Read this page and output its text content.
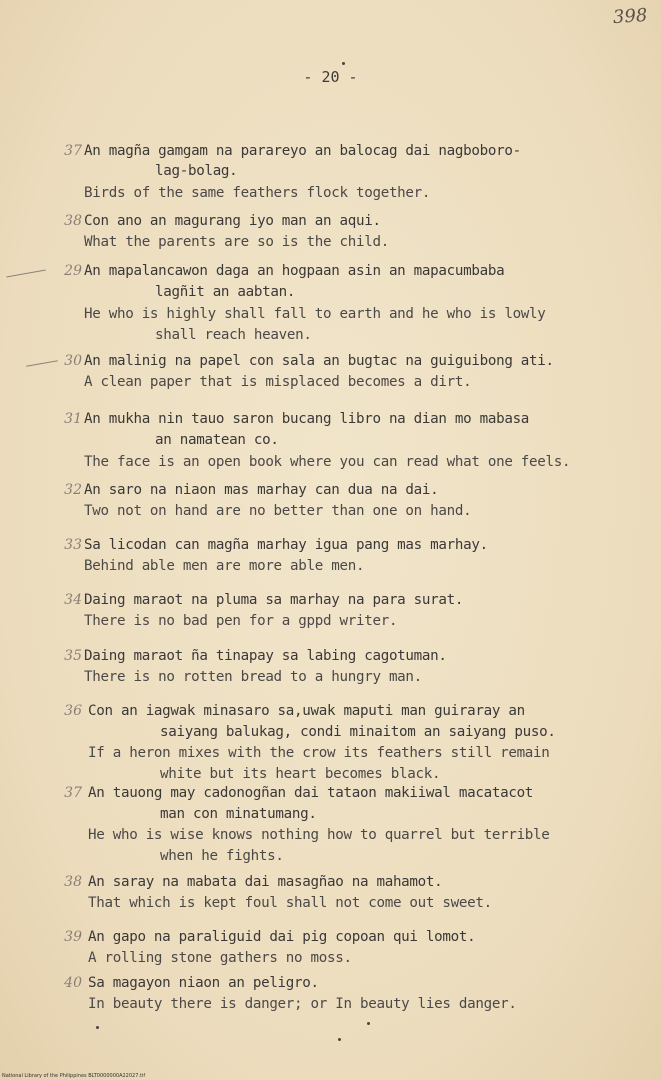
398
- 20 -
37 An magña gamgam na parareyo an balocag dai nagboboro-
lag-bolag.
Birds of the same feathers flock together.
38 Con ano an magurang iyo man an aqui.
What the parents are so is the child.
29 An mapalancawon daga an hogpaan asin an mapacumbaba
lagñit an aabtan.
He who is highly shall fall to earth and he who is lowly
shall reach heaven.
30 An malinig na papel con sala an bugtac na guiguibong ati.
A clean paper that is misplaced becomes a dirt.
31 An mukha nin tauo saron bucang libro na dian mo mabasa
an namatean co.
The face is an open book where you can read what one feels.
32 An saro na niaon mas marhay can dua na dai.
Two not on hand are no better than one on hand.
33 Sa licodan can magña marhay igua pang mas marhay.
Behind able men are more able men.
34 Daing maraot na pluma sa marhay na para surat.
There is no bad pen for a gppd writer.
35 Daing maraot ña tinapay sa labing cagotuman.
There is no rotten bread to a hungry man.
36 Con an iagwak minasaro sa,uwak maputi man guiraray an
saiyang balukag, condi minaitom an saiyang puso.
If a heron mixes with the crow its feathers still remain
white but its heart becomes black.
37 An tauong may cadonogñan dai tataon makiiwal macatacot
man con minatumang.
He who is wise knows nothing how to quarrel but terrible
when he fights.
38 An saray na mabata dai masagñao na mahamot.
That which is kept foul shall not come out sweet.
39 An gapo na paraliguid dai pig copoan qui lomot.
A rolling stone gathers no moss.
40 Sa magayon niaon an peligro.
In beauty there is danger; or In beauty lies danger.
National Library of the Philippines BLT0000000A22027.tif
